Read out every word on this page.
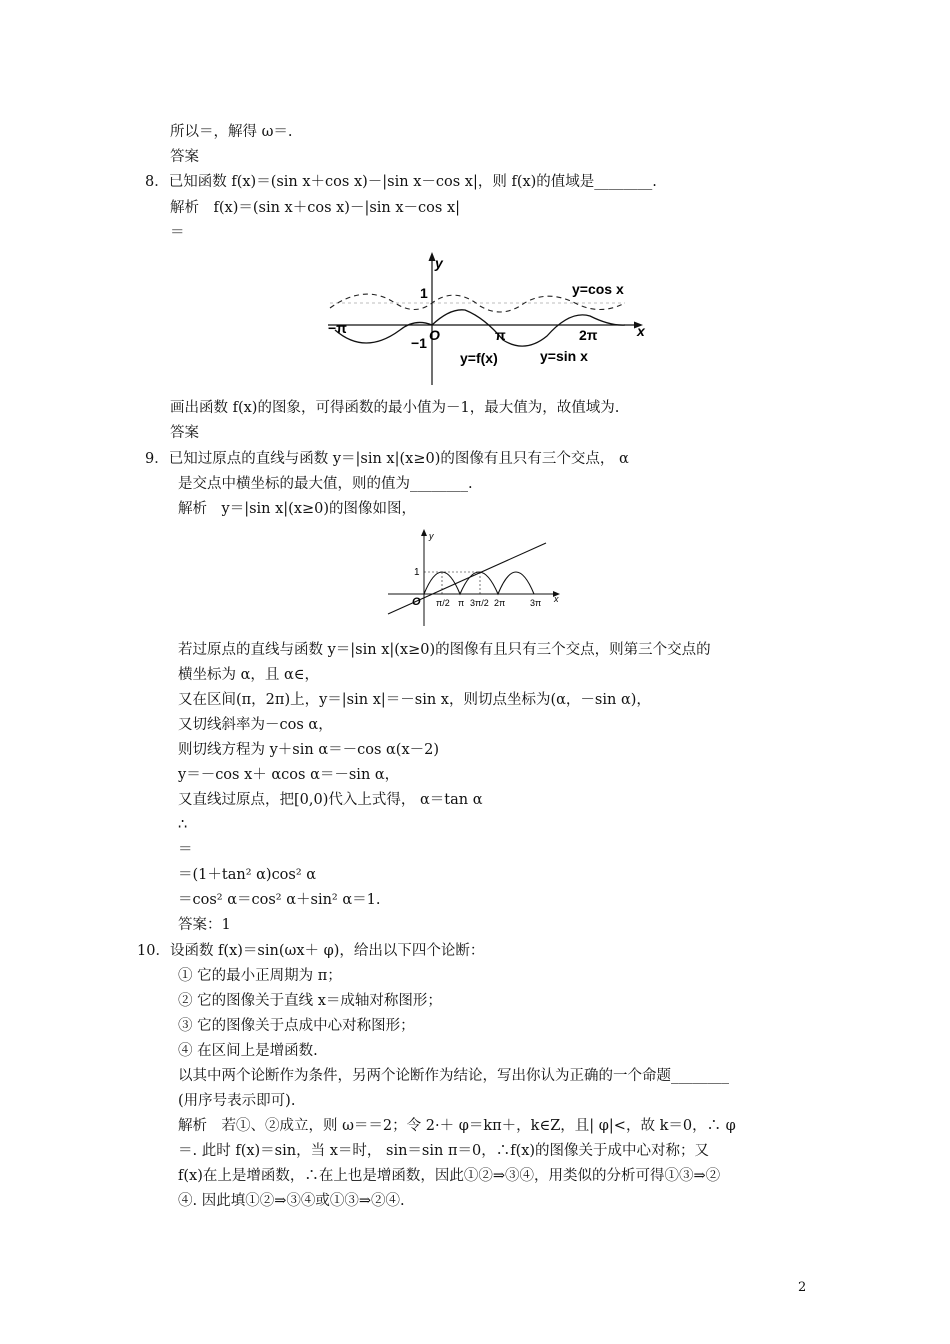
所以＝，解得 ω＝.
答案
8．已知函数 f(x)＝(sin x＋cos x)－|sin x－cos x|，则 f(x)的值域是________.
解析　f(x)＝(sin x＋cos x)－|sin x－cos x|
＝
1
−1
y
x
O
−π	π	2π
y=cos x
y=sin x
y=f(x)
画出函数 f(x)的图象，可得函数的最小值为－1，最大值为，故值域为.
答案
9．已知过原点的直线与函数 y＝|sin x|(x≥0)的图像有且只有三个交点， α
是交点中横坐标的最大值，则的值为________.
解析　y＝|sin x|(x≥0)的图像如图，
y
x
1
O π/2 π 3π/2 2π	3π
若过原点的直线与函数 y＝|sin x|(x≥0)的图像有且只有三个交点，则第三个交点的
横坐标为 α，且 α∈，
又在区间(π，2π)上，y＝|sin x|＝－sin x，则切点坐标为(α，－sin α)，
又切线斜率为－cos α，
则切线方程为 y＋sin α＝－cos α(x－2)
y＝－cos x＋ αcos α＝－sin α，
又直线过原点，把[0,0)代入上式得， α＝tan α
∴
＝
＝(1＋tan² α)cos² α
＝cos² α＝cos² α＋sin² α＝1.
答案：1
10．设函数 f(x)＝sin(ωx＋ φ)，给出以下四个论断：
① 它的最小正周期为 π；
② 它的图像关于直线 x＝成轴对称图形；
③ 它的图像关于点成中心对称图形；
④ 在区间上是增函数.
以其中两个论断作为条件，另两个论断作为结论，写出你认为正确的一个命题________
(用序号表示即可).
解析　若①、②成立，则 ω＝＝2；令 2·＋ φ＝kπ＋，k∈Z，且| φ|<，故 k＝0，∴ φ
＝. 此时 f(x)＝sin，当 x＝时， sin＝sin π＝0，∴f(x)的图像关于成中心对称；又
f(x)在上是增函数，∴在上也是增函数，因此①②⇒③④，用类似的分析可得①③⇒②
④. 因此填①②⇒③④或①③⇒②④.
2
